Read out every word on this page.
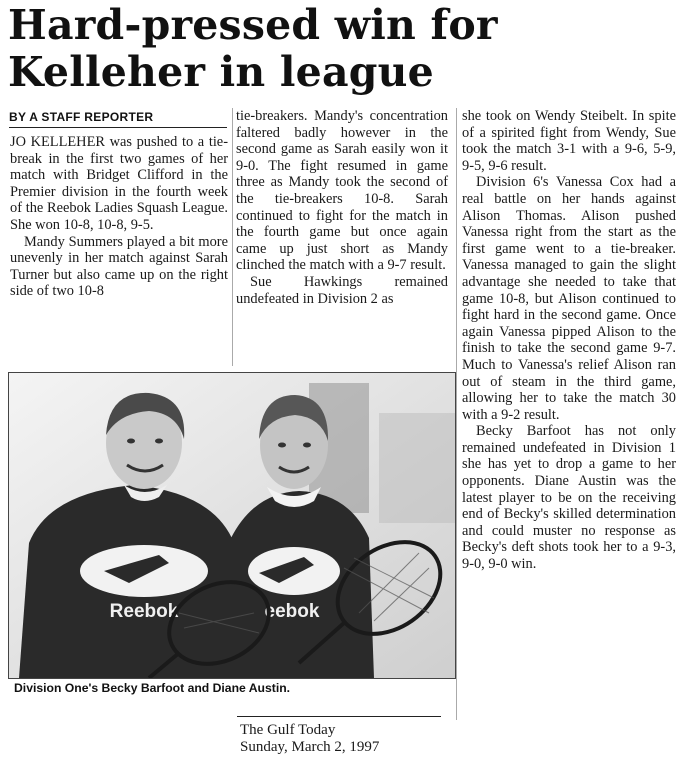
Hard-pressed win for
Kelleher in league
BY A STAFF REPORTER

JO KELLEHER was pushed to a tie-break in the first two games of her match with Bridget Clifford in the Premier division in the fourth week of the Reebok Ladies Squash League. She won 10-8, 10-8, 9-5.

Mandy Summers played a bit more unevenly in her match against Sarah Turner but also came up on the right side of two 10-8

tie-breakers. Mandy's concentration faltered badly however in the second game as Sarah easily won it 9-0. The fight resumed in game three as Mandy took the second of the tie-breakers 10-8. Sarah continued to fight for the match in the fourth game but once again came up just short as Mandy clinched the match with a 9-7 result.

Sue Hawkings remained undefeated in Division 2 as

she took on Wendy Steibelt. In spite of a spirited fight from Wendy, Sue took the match 3-1 with a 9-6, 5-9, 9-5, 9-6 result.

Division 6's Vanessa Cox had a real battle on her hands against Alison Thomas. Alison pushed Vanessa right from the start as the first game went to a tie-breaker. Vanessa managed to gain the slight advantage she needed to take that game 10-8, but Alison continued to fight hard in the second game. Once again Vanessa pipped Alison to the finish to take the second game 9-7. Much to Vanessa's relief Alison ran out of steam in the third game, allowing her to take the match 30 with a 9-2 result.

Becky Barfoot has not only remained undefeated in Division 1 she has yet to drop a game to her opponents. Diane Austin was the latest player to be on the receiving end of Becky's skilled determination and could muster no response as Becky's deft shots took her to a 9-3, 9-0, 9-0 win.

Reebok	eebok
Division One's Becky Barfoot and Diane Austin.
The Gulf Today
Sunday, March 2, 1997
